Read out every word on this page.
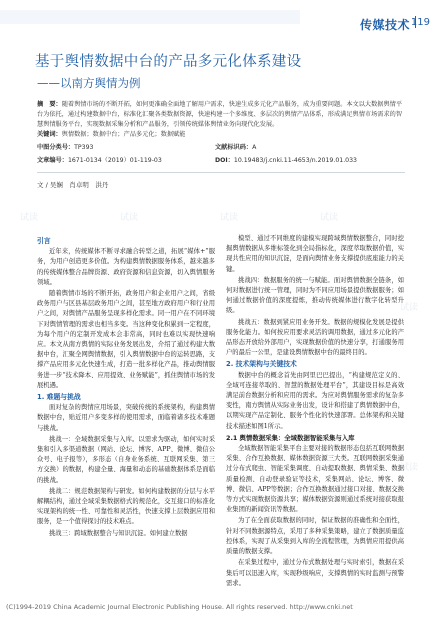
传媒技术 119
基于舆情数据中台的产品多元化体系建设
——以南方舆情为例
摘　要：随着舆情市场的不断开拓，如何更准确全面地了解用户需求，快速生成多元化产品服务，成为重要问题。本文以大数据舆情平台为依托，通过构建数据中台，标准化汇聚各类数据资源，快速构建一个多维度、多层次的舆情产品体系，形成满足舆情市场需求的智慧舆情服务平台，实现数据采集分析和产品服务，引领传统媒体舆情业务向现代化发展。
关键词：舆情数据；数据中台；产品多元化；数据赋能
中图分类号：TP393	文献标识码：A
文章编号：1671-0134（2019）01-119-03	DOI：10.19483/j.cnki.11-4653/n.2019.01.033
文 / 吴娴　肖卓明　洪丹
试读	试读	试读	试读
试读
试读

引言

近年来，传统媒体不断寻求融合转型之道，拓展“媒体+”服务，为用户创造更多价值。为构建舆情数据服务体系，越来越多的传统媒体整合品牌资源、政府资源和信息资源，切入舆情服务领域。

随着舆情市场的不断开拓，政务用户和企业用户之间，省级政务用户与区县基层政务用户之间，甚至地方政府用户和行业用户之间，对舆情产品服务呈现多样化需求。同一用户在不同环境下对舆情管理的需求也相当多变。当这种变化积累到一定程度，为每个用户的定制开发成本会非常高，同时也难以实现快速响应。本文从南方舆情的实际业务发展出发，介绍了通过构建大数据中台，汇聚全网舆情数据，引入舆情数据中台的运转思路，支撑产品应用多元化快速生成，打造一批多样化产品，推动舆情服务进一步“技术降本、应用提效、业务赋能”，抓住舆情市场的发展机遇。

1. 难题与挑战

面对复杂的舆情应用场景，突破传统的系统架构，构建舆情数据中台，贴近用户多变多样的使用需求，面临着诸多技术难题与挑战。

挑战一：全域数据采集与入库。以需求为驱动，如何实时采集和引入多渠道数据（网站、论坛、博客、APP、微博、微信公众号、电子报等），多形态（自身业务系统、互联网采集、第三方交换）的数据，构建全量、海量和动态的基础数据体系是面临的挑战。

挑战二：规范数据架构与研发。如何构建数据的分层与水平解耦结构，通过全域采集数据格式的规范化，交互接口的标准化实现架构的统一性、可靠性和灵活性，快速支撑上层数据应用和服务，是一个值得探讨的技术难点。

挑战三：跨域数据整合与知识沉淀。如何建立数据

模型、通过不同维度的建模实现跨域舆情数据整合，同时挖掘舆情数据从多维标签化到全局指标化，深度萃取数据价值，实现共性应用的知识沉淀，是面向舆情业务支撑提供底座能力的关键。

挑战四：数据服务的统一与赋能。面对舆情数据全链条，如何对数据进行统一管理，同时为不同应用场景提供数据服务；如何通过数据价值的深度提炼，推动传统媒体进行数字化转型升级。

挑战五：数据到紧应用业务开发。数据的规模化发展是提供服务化能力。如何按应用要求灵活的调用数据，通过多元化的产品形态开放给外部用户，实现数据价值的快速分享，打通服务用户的最后一公里，是建设舆情数据中台的最终目的。

2. 技术架构与关键技术

数据中台的概念首先由阿里巴巴提出，“构建规范定义的、全域可连接萃取的、智慧的数据处理平台”，其建设目标是高效满足前台数据分析和应用的需求。为应对舆情服务需求的复杂多变性，南方舆情从实际业务出发，设计和搭建了舆情数据中台，以期实现产品定制化、服务个性化的快速部署。总体架构和关键技术描述如图1所示。

2.1 舆情数据采集：全域数据智能采集与入库

全域数据智能采集平台主要对接的数据形态包括互联网数据采集、合作互换数据、媒体数据资源三大类。互联网数据采集通过分布式爬虫、智能采集调度、自动提取数据、舆情采集、数据质量检测、自动登录验证等技术，采集网站、论坛、博客、微博、微信、APP等数据；合作互换数据通过接口对接、数据交换等方式实现数据资源共享；媒体数据资源则通过系统对接获取报业集团的新闻资讯等数据。

为了在全面获取数据的同时，保证数据的准确性和全面性，针对不同数据源特点，采用了多种采集策略，建立了数据质量监控体系，实现了从采集到入库的全流程管理，为舆情应用提供高质量的数据支撑。

在采集过程中，通过分布式数据处理与实时索引，数据在采集后可以迅速入库，实现秒级响应，支撑舆情的实时监测与预警需求。

(C)1994-2019 China Academic Journal Electronic Publishing House. All rights reserved. http://www.cnki.net
